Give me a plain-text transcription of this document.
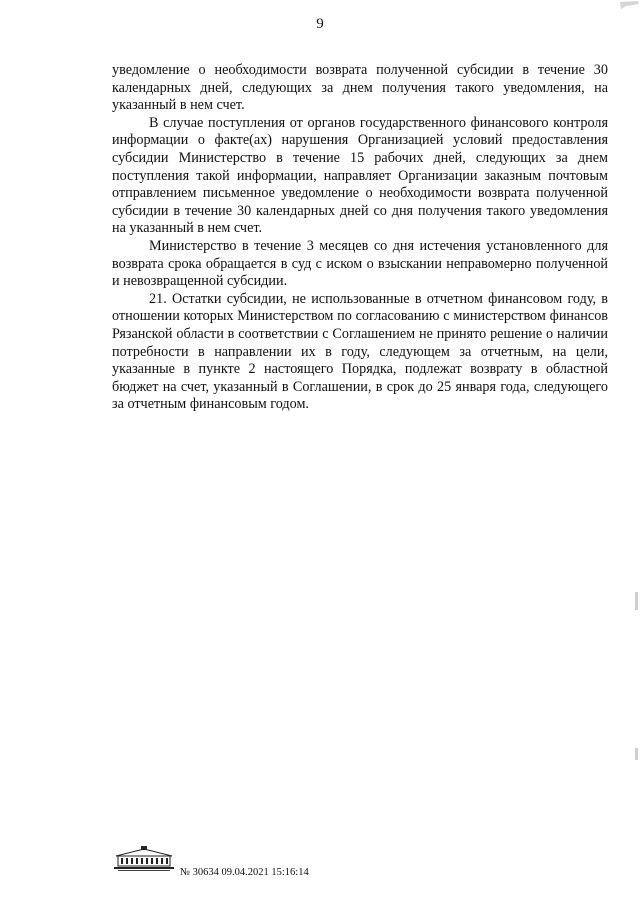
9

уведомление о необходимости возврата полученной субсидии в течение 30 календарных дней, следующих за днем получения такого уведомления, на указанный в нем счет.

В случае поступления от органов государственного финансового контроля информации о факте(ах) нарушения Организацией условий предоставления субсидии Министерство в течение 15 рабочих дней, следующих за днем поступления такой информации, направляет Организации заказным почтовым отправлением письменное уведомление о необходимости возврата полученной субсидии в течение 30 календарных дней со дня получения такого уведомления на указанный в нем счет.

Министерство в течение 3 месяцев со дня истечения установленного для возврата срока обращается в суд с иском о взыскании неправомерно полученной и невозвращенной субсидии.

21. Остатки субсидии, не использованные в отчетном финансовом году, в отношении которых Министерством по согласованию с министерством финансов Рязанской области в соответствии с Соглашением не принято решение о наличии потребности в направлении их в году, следующем за отчетным, на цели, указанные в пункте 2 настоящего Порядка, подлежат возврату в областной бюджет на счет, указанный в Соглашении, в срок до 25 января года, следующего за отчетным финансовым годом.

№ 30634 09.04.2021 15:16:14
